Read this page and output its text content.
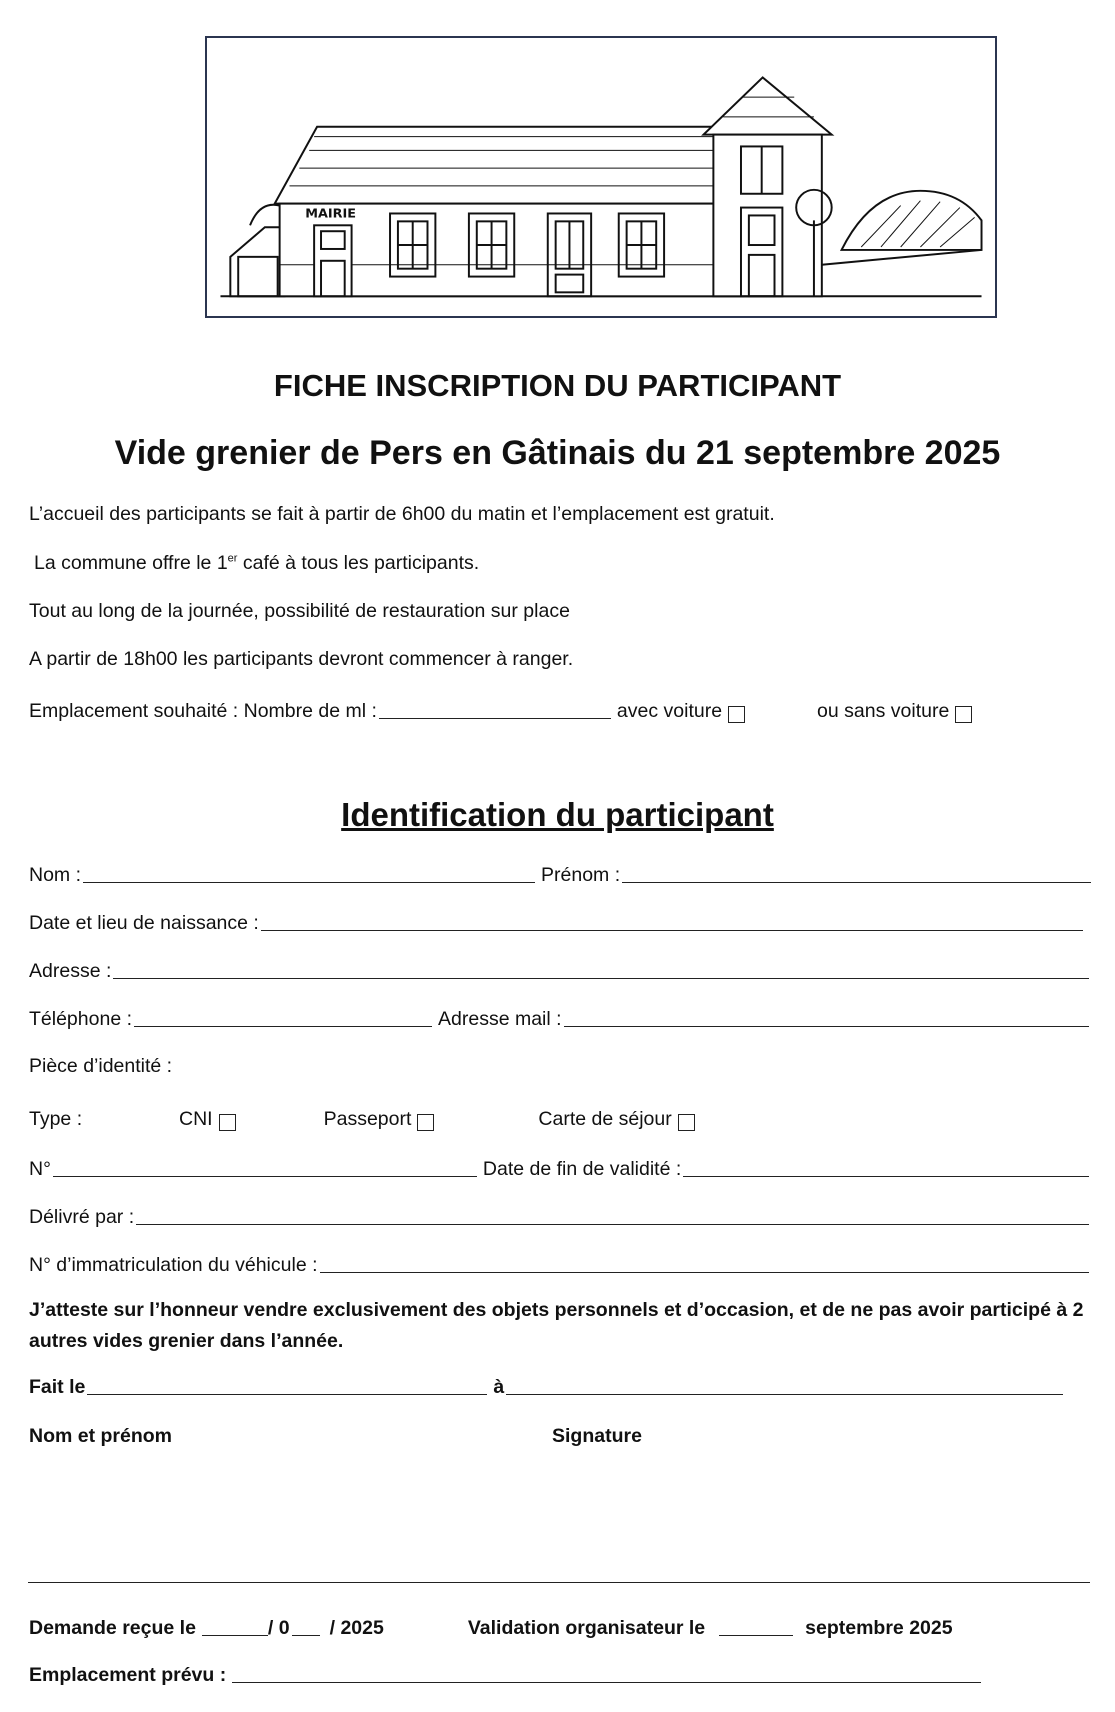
MAIRIE
FICHE INSCRIPTION DU PARTICIPANT
Vide grenier de Pers en Gâtinais du 21 septembre 2025
L’accueil des participants se fait à partir de 6h00 du matin et l’emplacement est gratuit.
La commune offre le 1er café à tous les participants.
Tout au long de la journée, possibilité de restauration sur place
A partir de 18h00 les participants devront commencer à ranger.
Emplacement souhaité : Nombre de ml :	avec voiture	ou sans voiture
Identification du participant
Nom :	Prénom :
Date et lieu de naissance :
Adresse :
Téléphone :	Adresse mail :
Pièce d’identité :
Type :	CNI	Passeport	Carte de séjour
N°	Date de fin de validité :
Délivré par :
N° d’immatriculation du véhicule :
J’atteste sur l’honneur vendre exclusivement des objets personnels et d’occasion, et de ne pas avoir participé à 2 autres vides grenier dans l’année.
Fait le	à
Nom et prénom	Signature
Demande reçue le	/ 0 / 2025	Validation organisateur le	septembre 2025
Emplacement prévu :
